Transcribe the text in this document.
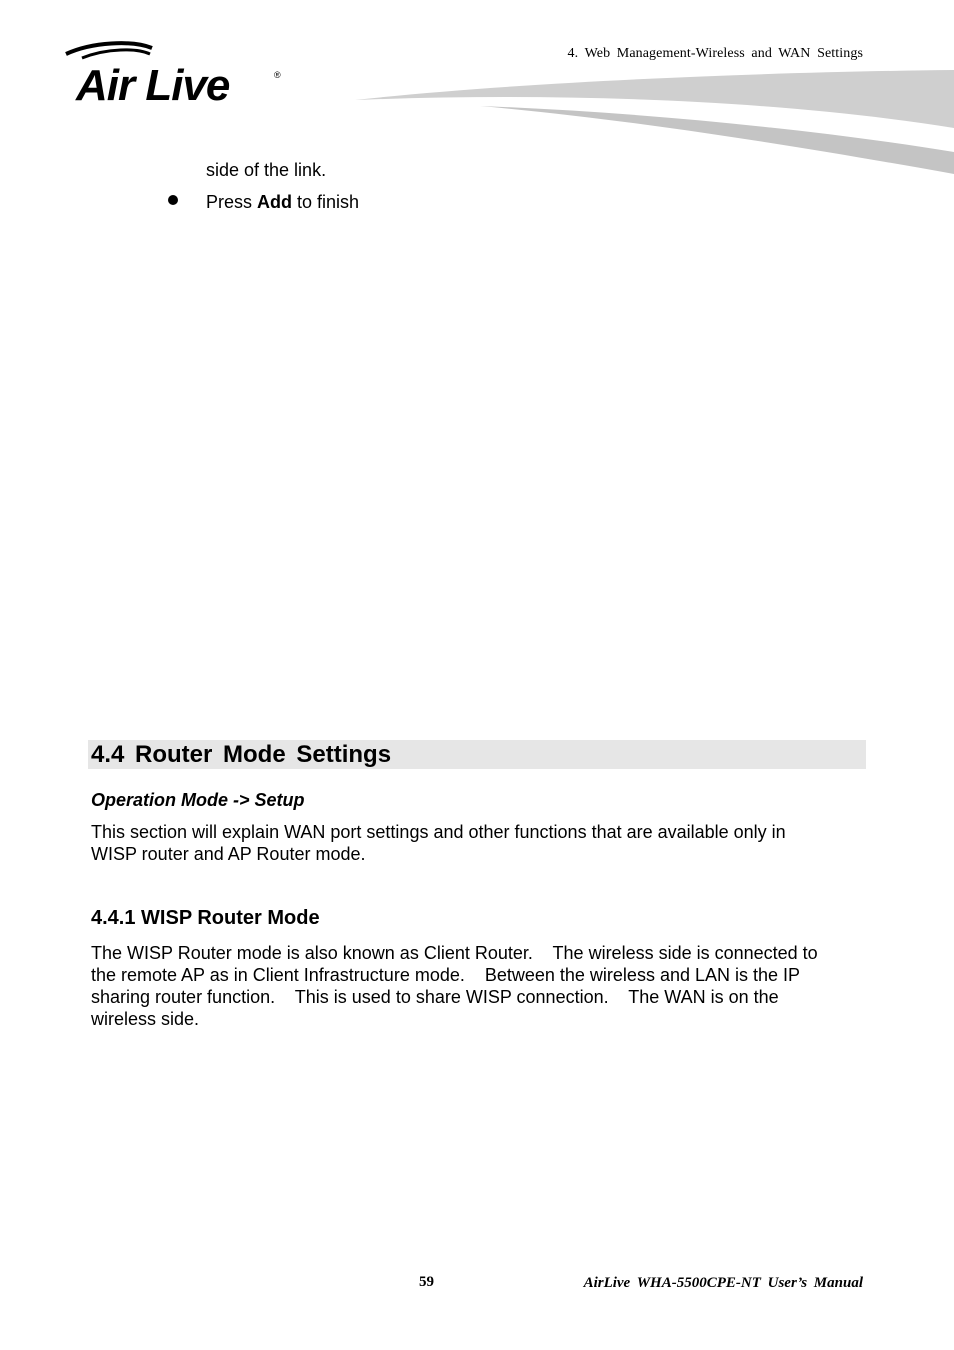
Air Live	®
4. Web Management-Wireless and WAN Settings
side of the link.
Press Add to finish
4.4 Router Mode Settings
Operation Mode -> Setup
This section will explain WAN port settings and other functions that are available only in
WISP router and AP Router mode.
4.4.1 WISP Router Mode
The WISP Router mode is also known as Client Router.    The wireless side is connected to
the remote AP as in Client Infrastructure mode.    Between the wireless and LAN is the IP
sharing router function.    This is used to share WISP connection.    The WAN is on the
wireless side.
59	AirLive WHA-5500CPE-NT User’s Manual
